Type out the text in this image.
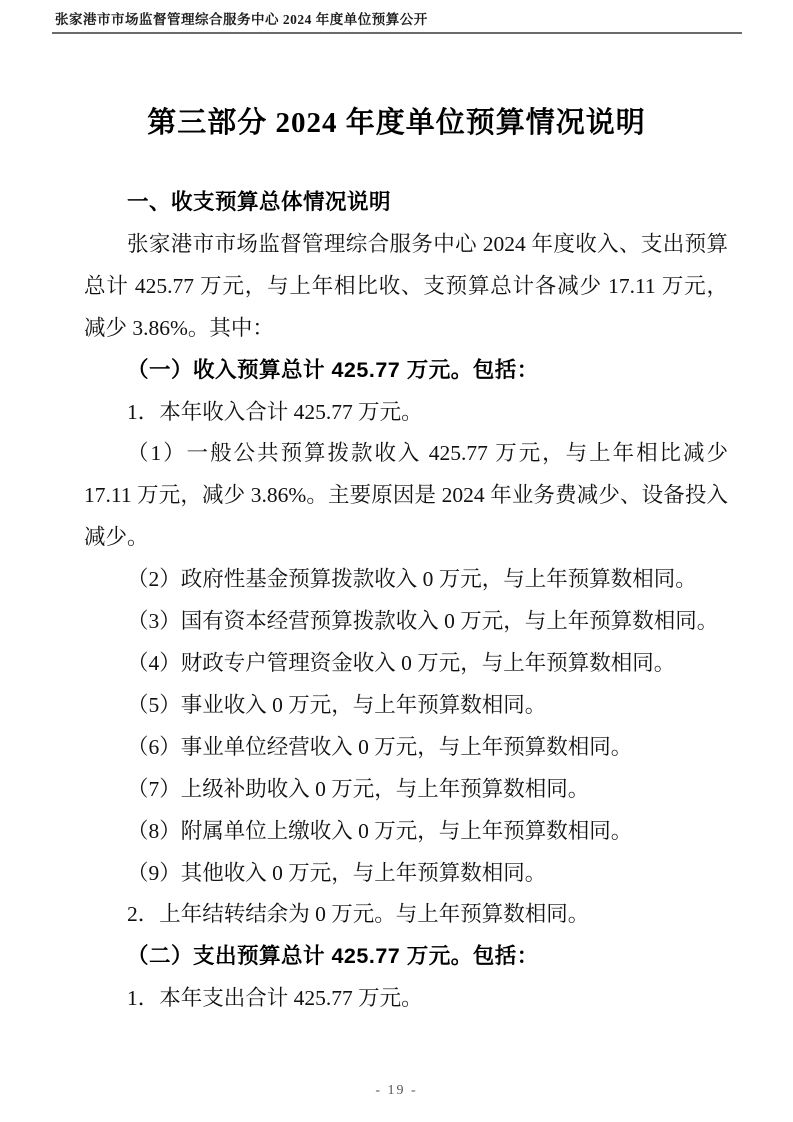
张家港市市场监督管理综合服务中心 2024 年度单位预算公开
第三部分 2024 年度单位预算情况说明

一、收支预算总体情况说明

张家港市市场监督管理综合服务中心 2024 年度收入、支出预算总计 425.77 万元，与上年相比收、支预算总计各减少 17.11 万元，减少 3.86%。其中：

（一）收入预算总计 425.77 万元。包括：

1．本年收入合计 425.77 万元。

（1）一般公共预算拨款收入 425.77 万元，与上年相比减少 17.11 万元，减少 3.86%。主要原因是 2024 年业务费减少、设备投入减少。

（2）政府性基金预算拨款收入 0 万元，与上年预算数相同。

（3）国有资本经营预算拨款收入 0 万元，与上年预算数相同。

（4）财政专户管理资金收入 0 万元，与上年预算数相同。

（5）事业收入 0 万元，与上年预算数相同。

（6）事业单位经营收入 0 万元，与上年预算数相同。

（7）上级补助收入 0 万元，与上年预算数相同。

（8）附属单位上缴收入 0 万元，与上年预算数相同。

（9）其他收入 0 万元，与上年预算数相同。

2．上年结转结余为 0 万元。与上年预算数相同。

（二）支出预算总计 425.77 万元。包括：

1．本年支出合计 425.77 万元。

- 19 -
